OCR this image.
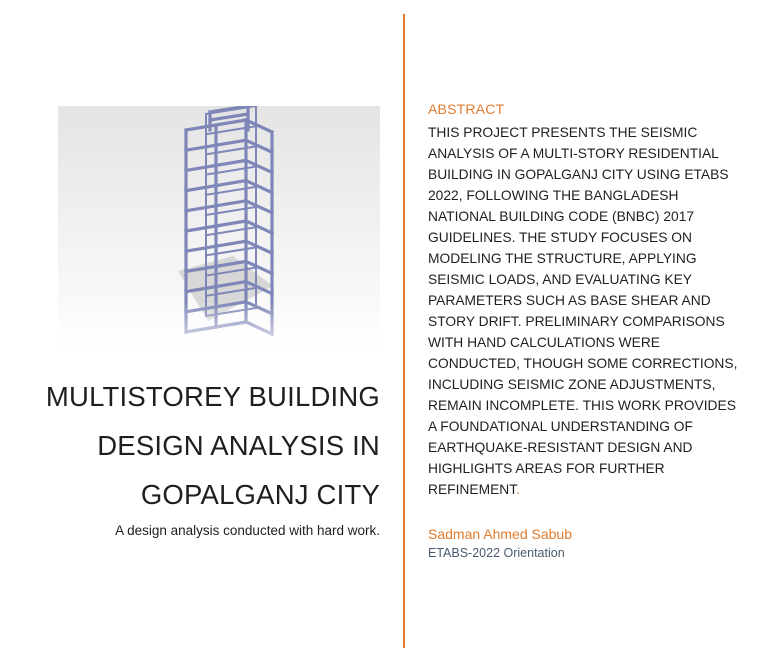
MULTISTOREY BUILDING
DESIGN ANALYSIS IN
GOPALGANJ CITY
A design analysis conducted with hard work.
ABSTRACT
THIS PROJECT PRESENTS THE SEISMIC
ANALYSIS OF A MULTI-STORY RESIDENTIAL
BUILDING IN GOPALGANJ CITY USING ETABS
2022, FOLLOWING THE BANGLADESH
NATIONAL BUILDING CODE (BNBC) 2017
GUIDELINES. THE STUDY FOCUSES ON
MODELING THE STRUCTURE, APPLYING
SEISMIC LOADS, AND EVALUATING KEY
PARAMETERS SUCH AS BASE SHEAR AND
STORY DRIFT. PRELIMINARY COMPARISONS
WITH HAND CALCULATIONS WERE
CONDUCTED, THOUGH SOME CORRECTIONS,
INCLUDING SEISMIC ZONE ADJUSTMENTS,
REMAIN INCOMPLETE. THIS WORK PROVIDES
A FOUNDATIONAL UNDERSTANDING OF
EARTHQUAKE-RESISTANT DESIGN AND
HIGHLIGHTS AREAS FOR FURTHER
REFINEMENT.
Sadman Ahmed Sabub
ETABS-2022 Orientation
